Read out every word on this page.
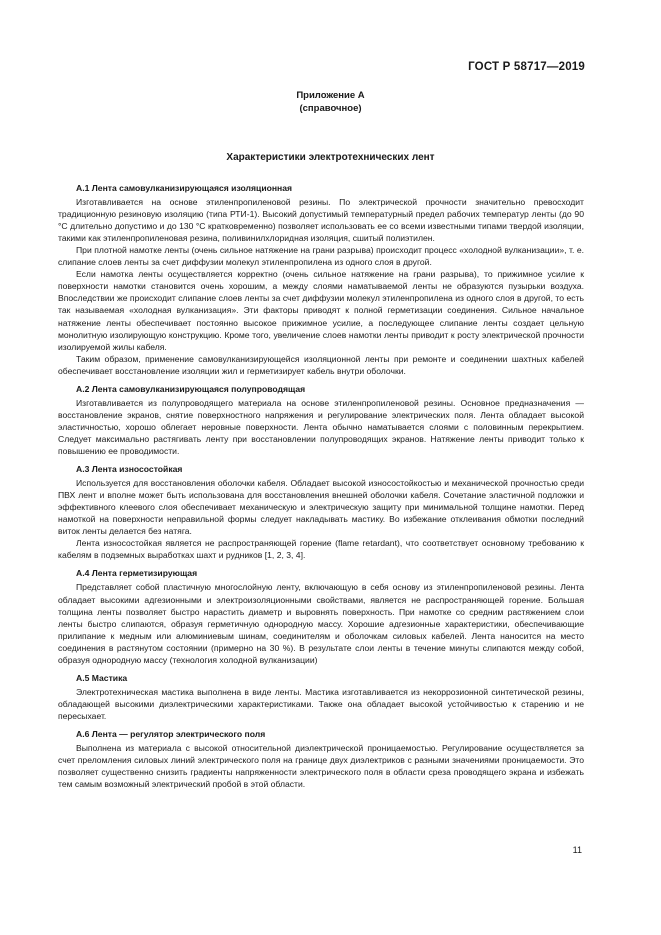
ГОСТ Р 58717—2019
Приложение А
(справочное)
Характеристики электротехнических лент
А.1 Лента самовулканизирующаяся изоляционная

Изготавливается на основе этиленпропиленовой резины. По электрической прочности значительно превосходит традиционную резиновую изоляцию (типа РТИ-1). Высокий допустимый температурный предел рабочих температур ленты (до 90 °С длительно допустимо и до 130 °С кратковременно) позволяет использовать ее со всеми известными типами твердой изоляции, такими как этиленпропиленовая резина, поливинилхлоридная изоляция, сшитый полиэтилен.

При плотной намотке ленты (очень сильное натяжение на грани разрыва) происходит процесс «холодной вулканизации», т. е. слипание слоев ленты за счет диффузии молекул этиленпропилена из одного слоя в другой.

Если намотка ленты осуществляется корректно (очень сильное натяжение на грани разрыва), то прижимное усилие к поверхности намотки становится очень хорошим, а между слоями наматываемой ленты не образуются пузырьки воздуха. Впоследствии же происходит слипание слоев ленты за счет диффузии молекул этиленпропилена из одного слоя в другой, то есть так называемая «холодная вулканизация». Эти факторы приводят к полной герметизации соединения. Сильное начальное натяжение ленты обеспечивает постоянно высокое прижимное усилие, а последующее слипание ленты создает цельную монолитную изолирующую конструкцию. Кроме того, увеличение слоев намотки ленты приводит к росту электрической прочности изолируемой жилы кабеля.

Таким образом, применение самовулканизирующейся изоляционной ленты при ремонте и соединении шахтных кабелей обеспечивает восстановление изоляции жил и герметизирует кабель внутри оболочки.

А.2 Лента самовулканизирующаяся полупроводящая

Изготавливается из полупроводящего материала на основе этиленпропиленовой резины. Основное предназначения — восстановление экранов, снятие поверхностного напряжения и регулирование электрических поля. Лента обладает высокой эластичностью, хорошо облегает неровные поверхности. Лента обычно наматывается слоями с половинным перекрытием. Следует максимально растягивать ленту при восстановлении полупроводящих экранов. Натяжение ленты приводит только к повышению ее проводимости.

А.3 Лента износостойкая

Используется для восстановления оболочки кабеля. Обладает высокой износостойкостью и механической прочностью среди ПВХ лент и вполне может быть использована для восстановления внешней оболочки кабеля. Сочетание эластичной подложки и эффективного клеевого слоя обеспечивает механическую и электрическую защиту при минимальной толщине намотки. Перед намоткой на поверхности неправильной формы следует накладывать мастику. Во избежание отклеивания обмотки последний виток ленты делается без натяга.

Лента износостойкая является не распространяющей горение (flame retardant), что соответствует основному требованию к кабелям в подземных выработках шахт и рудников [1, 2, 3, 4].

А.4 Лента герметизирующая

Представляет собой пластичную многослойную ленту, включающую в себя основу из этиленпропиленовой резины. Лента обладает высокими адгезионными и электроизоляционными свойствами, является не распространяющей горение. Большая толщина ленты позволяет быстро нарастить диаметр и выровнять поверхность. При намотке со средним растяжением слои ленты быстро слипаются, образуя герметичную однородную массу. Хорошие адгезионные характеристики, обеспечивающие прилипание к медным или алюминиевым шинам, соединителям и оболочкам силовых кабелей. Лента наносится на место соединения в растянутом состоянии (примерно на 30 %). В результате слои ленты в течение минуты слипаются между собой, образуя однородную массу (технология холодной вулканизации)

А.5 Мастика

Электротехническая мастика выполнена в виде ленты. Мастика изготавливается из некоррозионной синтетической резины, обладающей высокими диэлектрическими характеристиками. Также она обладает высокой устойчивостью к старению и не пересыхает.

А.6 Лента — регулятор электрического поля

Выполнена из материала с высокой относительной диэлектрической проницаемостью. Регулирование осуществляется за счет преломления силовых линий электрического поля на границе двух диэлектриков с разными значениями проницаемости. Это позволяет существенно снизить градиенты напряженности электрического поля в области среза проводящего экрана и избежать тем самым возможный электрический пробой в этой области.

11
